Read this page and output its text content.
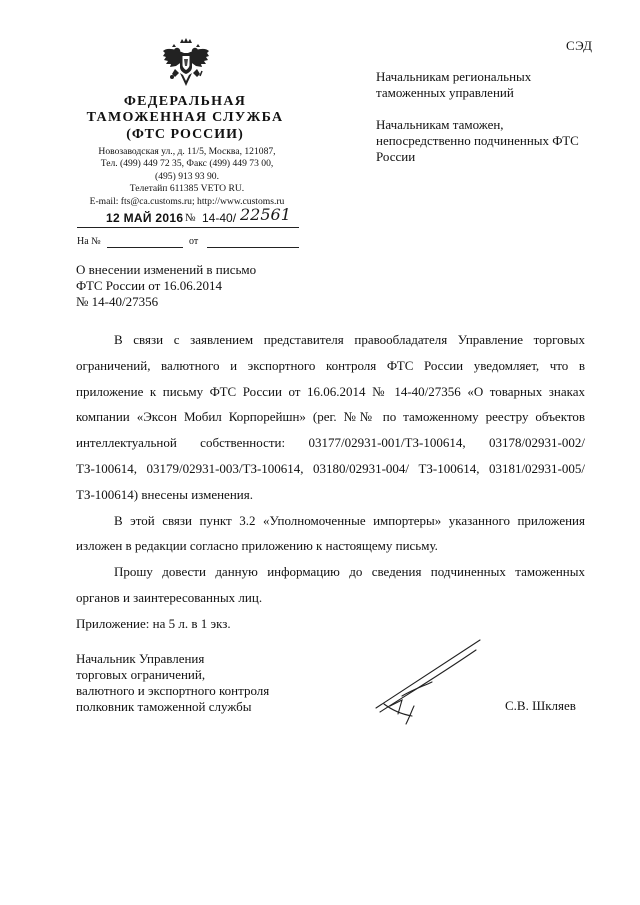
СЭД
ФЕДЕРАЛЬНАЯ
ТАМОЖЕННАЯ СЛУЖБА
(ФТС РОССИИ)
Новозаводская ул., д. 11/5, Москва, 121087,
Тел. (499) 449 72 35, Факс (499) 449 73 00,
(495) 913 93 90.
Телетайп 611385 VETO RU.
E-mail: fts@ca.customs.ru; http://www.customs.ru
12 МАЙ 2016 № 14-40/ 22561
На №	от

Начальникам региональных таможенных управлений

Начальникам таможен, непосредственно подчиненных ФТС России

О внесении изменений в письмо
ФТС России от 16.06.2014
№ 14-40/27356

В связи с заявлением представителя правообладателя Управление торговых ограничений, валютного и экспортного контроля ФТС России уведомляет, что в приложение к письму ФТС России от 16.06.2014 № 14-40/27356 «О товарных знаках компании «Эксон Мобил Корпорейшн» (рег. №№ по таможенному реестру объектов интеллектуальной собственности: 03177/02931-001/ТЗ-100614, 03178/02931-002/ТЗ-100614, 03179/02931-003/ТЗ-100614, 03180/02931-004/ ТЗ-100614, 03181/02931-005/ТЗ-100614) внесены изменения.

В этой связи пункт 3.2 «Уполномоченные импортеры» указанного приложения изложен в редакции согласно приложению к настоящему письму.

Прошу довести данную информацию до сведения подчиненных таможенных органов и заинтересованных лиц.

Приложение: на 5 л. в 1 экз.
Начальник Управления
торговых ограничений,
валютного и экспортного контроля
полковник таможенной службы	С.В. Шкляев
